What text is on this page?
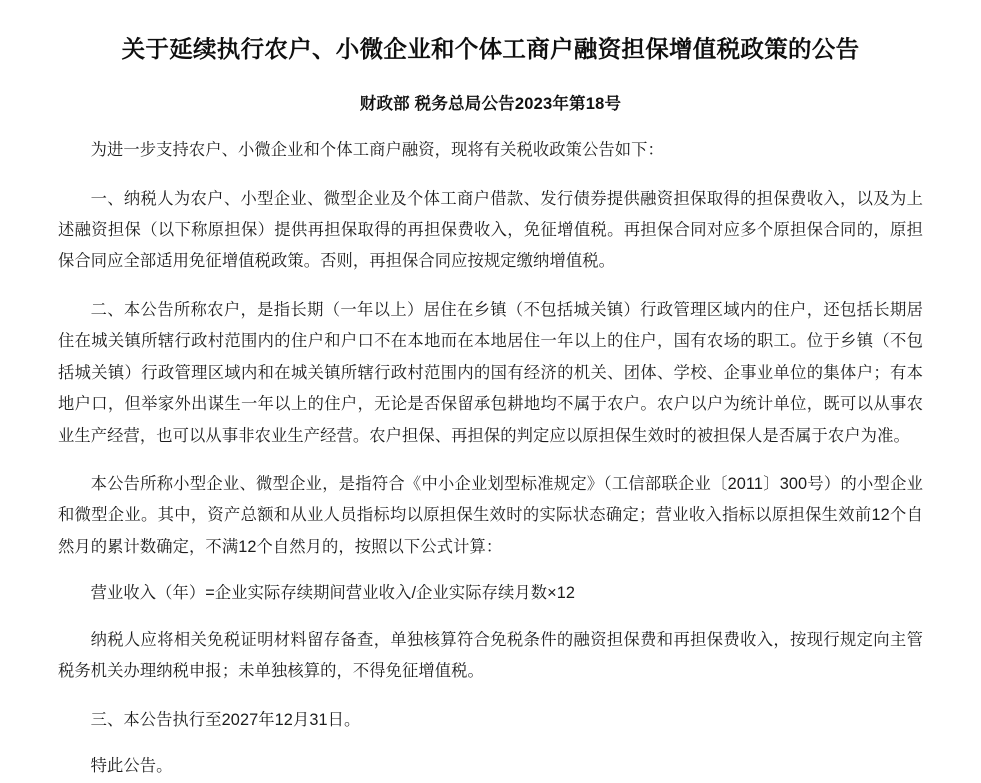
关于延续执行农户、小微企业和个体工商户融资担保增值税政策的公告
财政部 税务总局公告2023年第18号

为进一步支持农户、小微企业和个体工商户融资，现将有关税收政策公告如下：

一、纳税人为农户、小型企业、微型企业及个体工商户借款、发行债券提供融资担保取得的担保费收入，以及为上述融资担保（以下称原担保）提供再担保取得的再担保费收入，免征增值税。再担保合同对应多个原担保合同的，原担保合同应全部适用免征增值税政策。否则，再担保合同应按规定缴纳增值税。

二、本公告所称农户，是指长期（一年以上）居住在乡镇（不包括城关镇）行政管理区域内的住户，还包括长期居住在城关镇所辖行政村范围内的住户和户口不在本地而在本地居住一年以上的住户，国有农场的职工。位于乡镇（不包括城关镇）行政管理区域内和在城关镇所辖行政村范围内的国有经济的机关、团体、学校、企事业单位的集体户；有本地户口，但举家外出谋生一年以上的住户，无论是否保留承包耕地均不属于农户。农户以户为统计单位，既可以从事农业生产经营，也可以从事非农业生产经营。农户担保、再担保的判定应以原担保生效时的被担保人是否属于农户为准。

本公告所称小型企业、微型企业，是指符合《中小企业划型标准规定》（工信部联企业〔2011〕300号）的小型企业和微型企业。其中，资产总额和从业人员指标均以原担保生效时的实际状态确定；营业收入指标以原担保生效前12个自然月的累计数确定，不满12个自然月的，按照以下公式计算：

营业收入（年）=企业实际存续期间营业收入/企业实际存续月数×12

纳税人应将相关免税证明材料留存备查，单独核算符合免税条件的融资担保费和再担保费收入，按现行规定向主管税务机关办理纳税申报；未单独核算的，不得免征增值税。

三、本公告执行至2027年12月31日。

特此公告。
